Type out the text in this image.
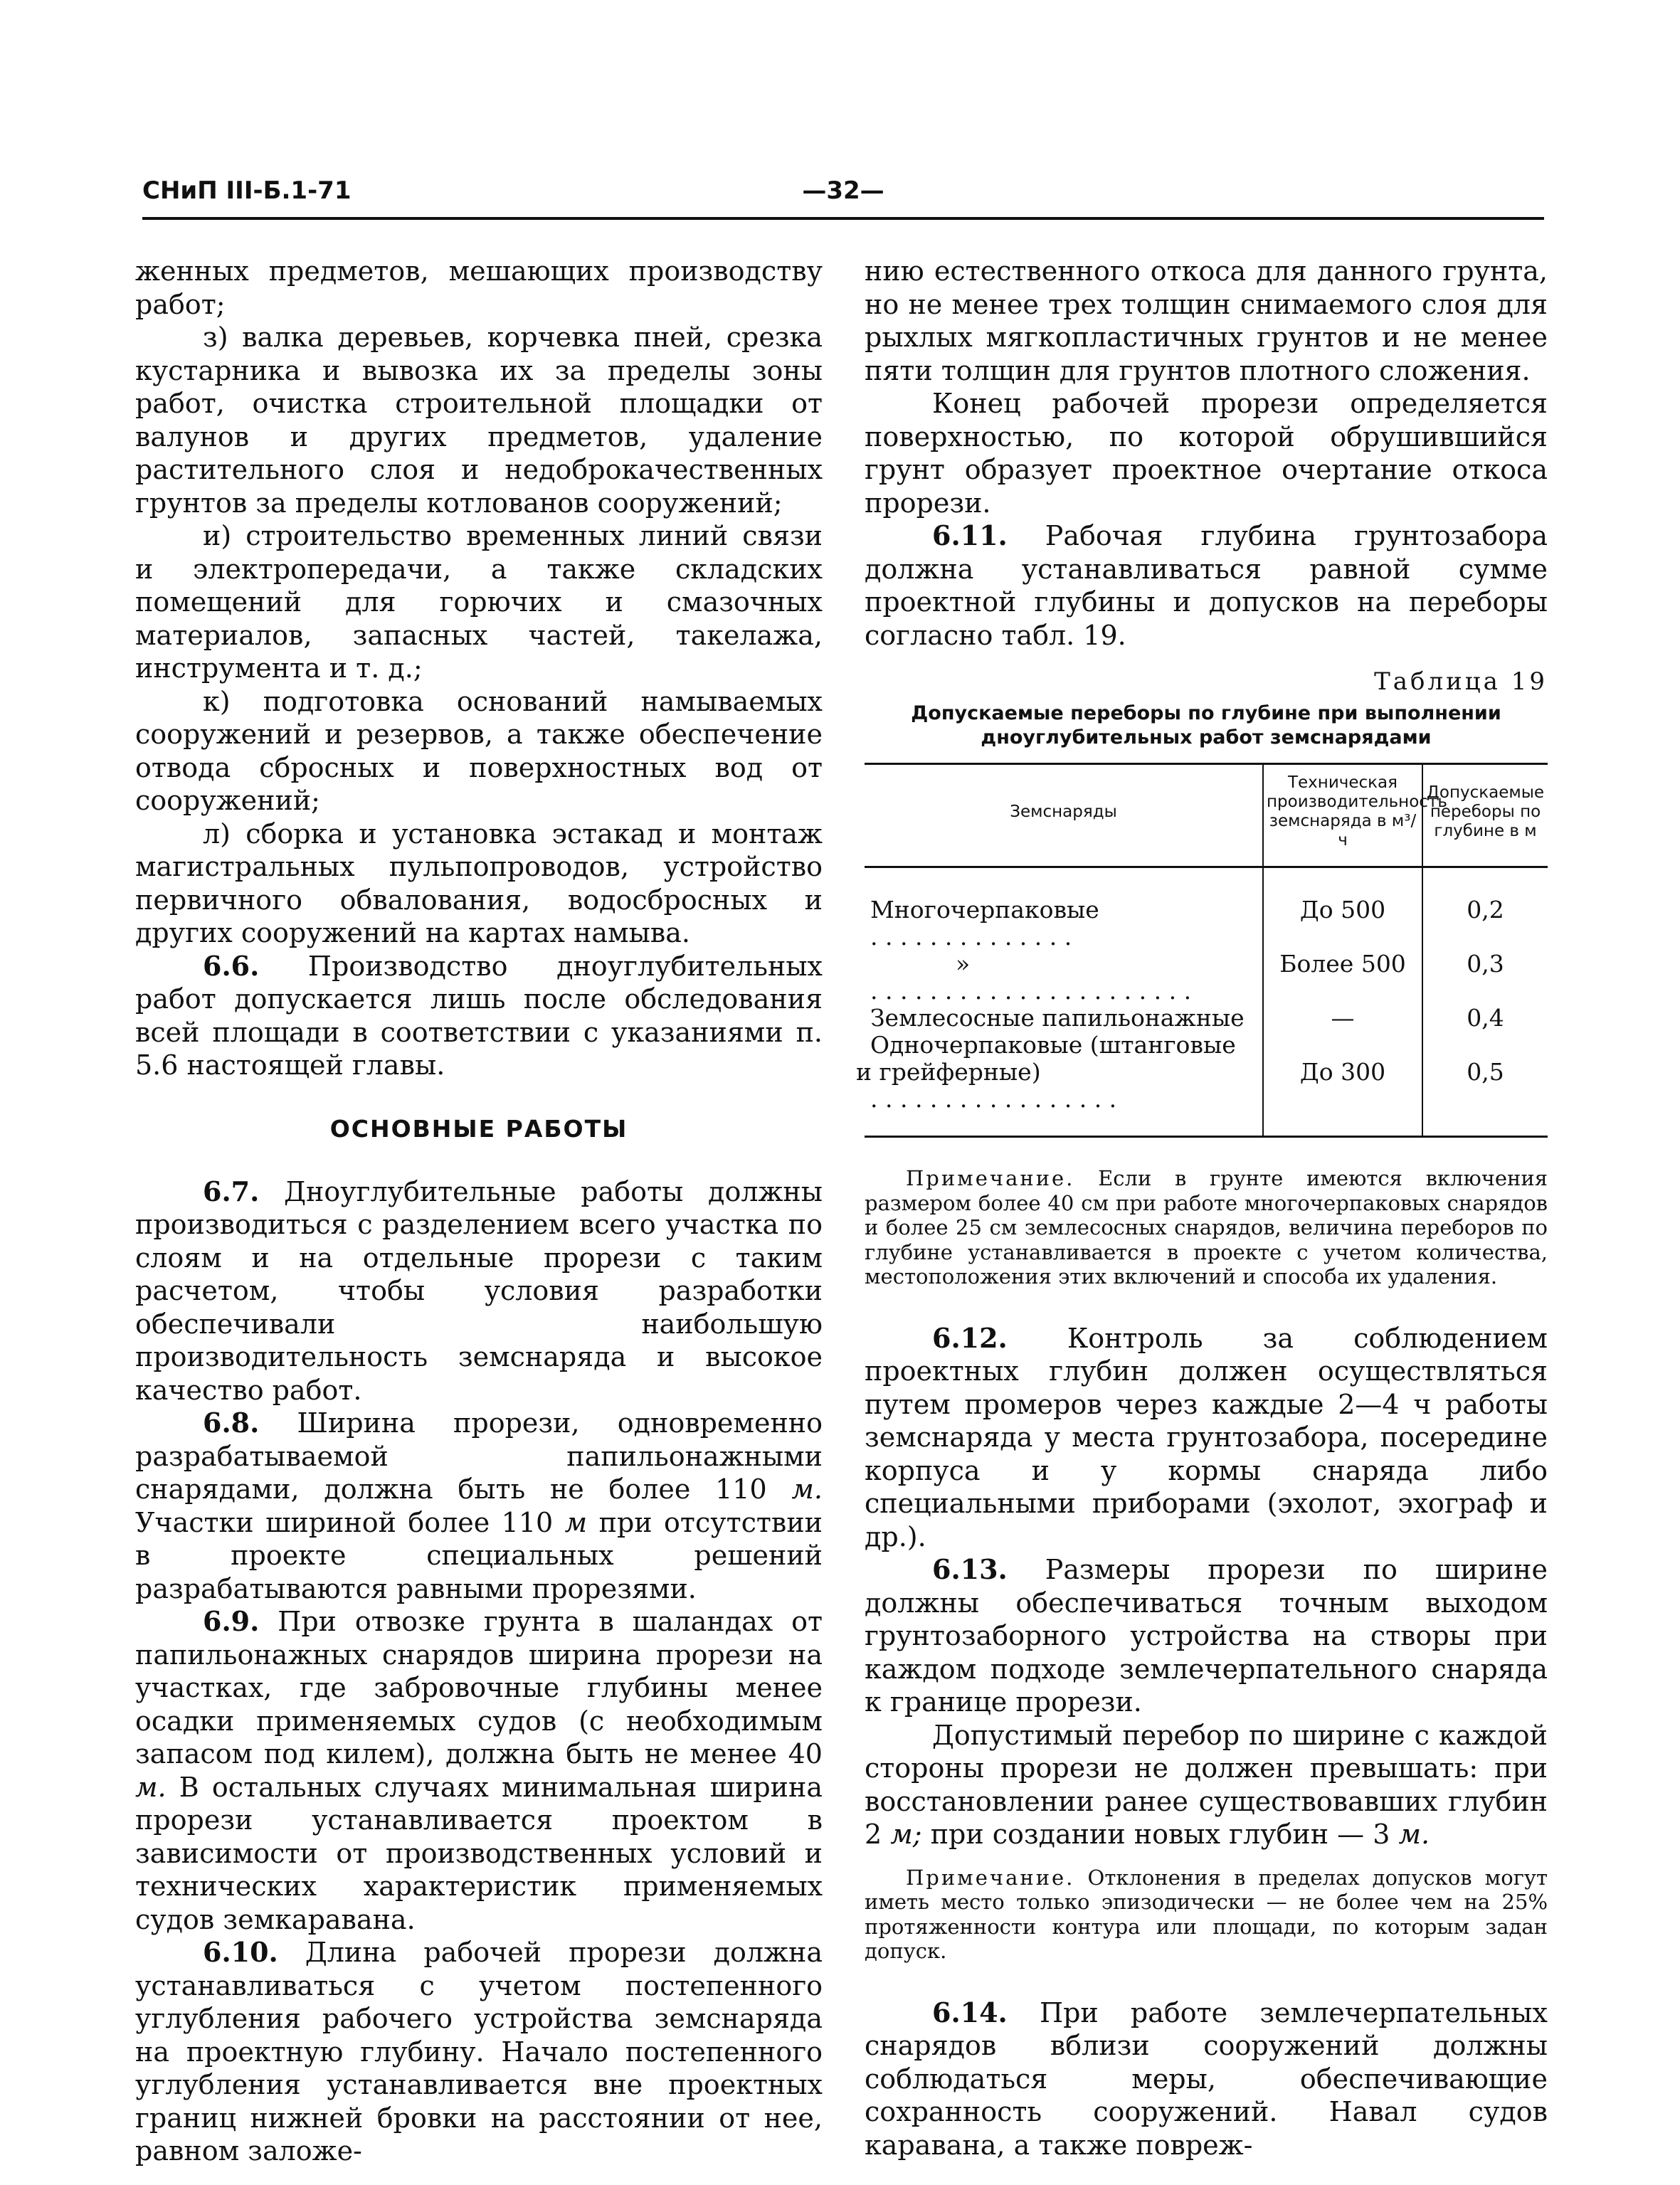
СНиП III-Б.1-71	—32—

женных предметов, мешающих производству работ;

з) валка деревьев, корчевка пней, срезка кустарника и вывозка их за пределы зоны работ, очистка строительной площадки от валунов и других предметов, удаление растительного слоя и недоброкачественных грунтов за пределы котлованов сооружений;

и) строительство временных линий связи и электропередачи, а также складских помещений для горючих и смазочных материалов, запасных частей, такелажа, инструмента и т. д.;

к) подготовка оснований намываемых сооружений и резервов, а также обеспечение отвода сбросных и поверхностных вод от сооружений;

л) сборка и установка эстакад и монтаж магистральных пульпопроводов, устройство первичного обвалования, водосбросных и других сооружений на картах намыва.

6.6. Производство дноуглубительных работ допускается лишь после обследования всей площади в соответствии с указаниями п. 5.6 настоящей главы.

ОСНОВНЫЕ РАБОТЫ

6.7. Дноуглубительные работы должны производиться с разделением всего участка по слоям и на отдельные прорези с таким расчетом, чтобы условия разработки обеспечивали наибольшую производительность земснаряда и высокое качество работ.

6.8. Ширина прорези, одновременно разрабатываемой папильонажными снарядами, должна быть не более 110 м. Участки шириной более 110 м при отсутствии в проекте специальных решений разрабатываются равными прорезями.

6.9. При отвозке грунта в шаландах от папильонажных снарядов ширина прорези на участках, где забровочные глубины менее осадки применяемых судов (с необходимым запасом под килем), должна быть не менее 40 м. В остальных случаях минимальная ширина прорези устанавливается проектом в зависимости от производственных условий и технических характеристик применяемых судов земкаравана.

6.10. Длина рабочей прорези должна устанавливаться с учетом постепенного углубления рабочего устройства земснаряда на проектную глубину. Начало постепенного углубления устанавливается вне проектных границ нижней бровки на расстоянии от нее, равном заложе-

нию естественного откоса для данного грунта, но не менее трех толщин снимаемого слоя для рыхлых мягкопластичных грунтов и не менее пяти толщин для грунтов плотного сложения.

Конец рабочей прорези определяется поверхностью, по которой обрушившийся грунт образует проектное очертание откоса прорези.

6.11. Рабочая глубина грунтозабора должна устанавливаться равной сумме проектной глубины и допусков на переборы согласно табл. 19.

Таблица 19
Допускаемые переборы по глубине при выполнении дноуглубительных работ земснарядами
Земснаряды	Техническая производительность земснаряда в м³/ч	Допускаемые переборы по глубине в м

Многочерпаковые . . . . . . . . . . . . . .	До 500	0,2

» . . . . . . . . . . . . . . . . . . . . . .	Более 500	0,3

Землесосные папильонажные	—	0,4

Одночерпаковые (штанговые		

и грейферные) . . . . . . . . . . . . . . . . .	До 300	0,5

Примечание. Если в грунте имеются включения размером более 40 см при работе многочерпаковых снарядов и более 25 см землесосных снарядов, величина переборов по глубине устанавливается в проекте с учетом количества, местоположения этих включений и способа их удаления.

6.12. Контроль за соблюдением проектных глубин должен осуществляться путем промеров через каждые 2—4 ч работы земснаряда у места грунтозабора, посередине корпуса и у кормы снаряда либо специальными приборами (эхолот, эхограф и др.).

6.13. Размеры прорези по ширине должны обеспечиваться точным выходом грунтозаборного устройства на створы при каждом подходе землечерпательного снаряда к границе прорези.

Допустимый перебор по ширине с каждой стороны прорези не должен превышать: при восстановлении ранее существовавших глубин 2 м; при создании новых глубин — 3 м.

Примечание. Отклонения в пределах допусков могут иметь место только эпизодически — не более чем на 25% протяженности контура или площади, по которым задан допуск.

6.14. При работе землечерпательных снарядов вблизи сооружений должны соблюдаться меры, обеспечивающие сохранность сооружений. Навал судов каравана, а также повреж-
